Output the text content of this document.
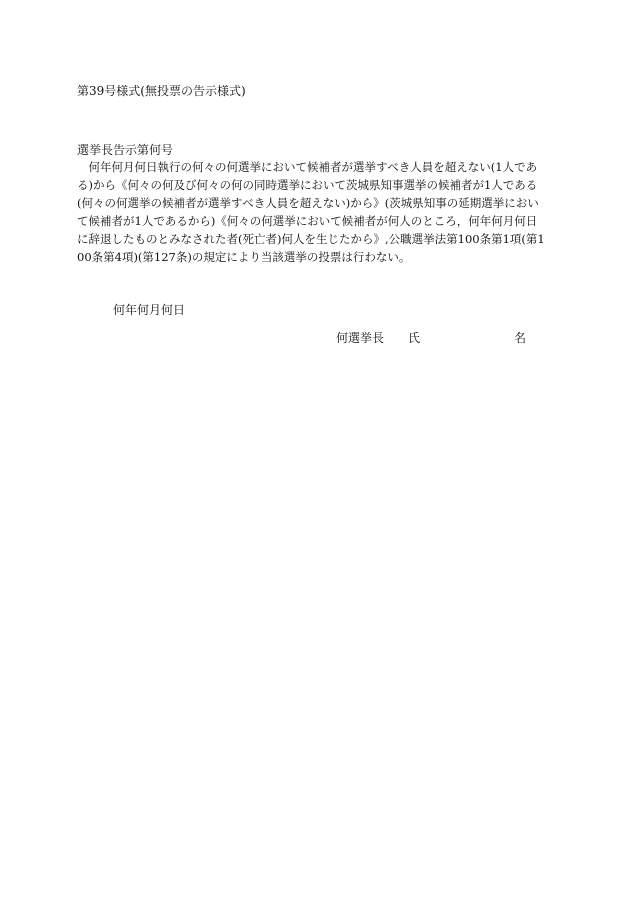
第39号様式(無投票の告示様式)
選挙長告示第何号
　何年何月何日執行の何々の何選挙において候補者が選挙すべき人員を超えない(1人であ
る)から《何々の何及び何々の何の同時選挙において茨城県知事選挙の候補者が1人である
(何々の何選挙の候補者が選挙すべき人員を超えない)から》(茨城県知事の延期選挙におい
て候補者が1人であるから)《何々の何選挙において候補者が何人のところ，何年何月何日
に辞退したものとみなされた者(死亡者)何人を生じたから》,公職選挙法第100条第1項(第1
00条第4項)(第127条)の規定により当該選挙の投票は行わない。
何年何月何日
何選挙長 氏	名
